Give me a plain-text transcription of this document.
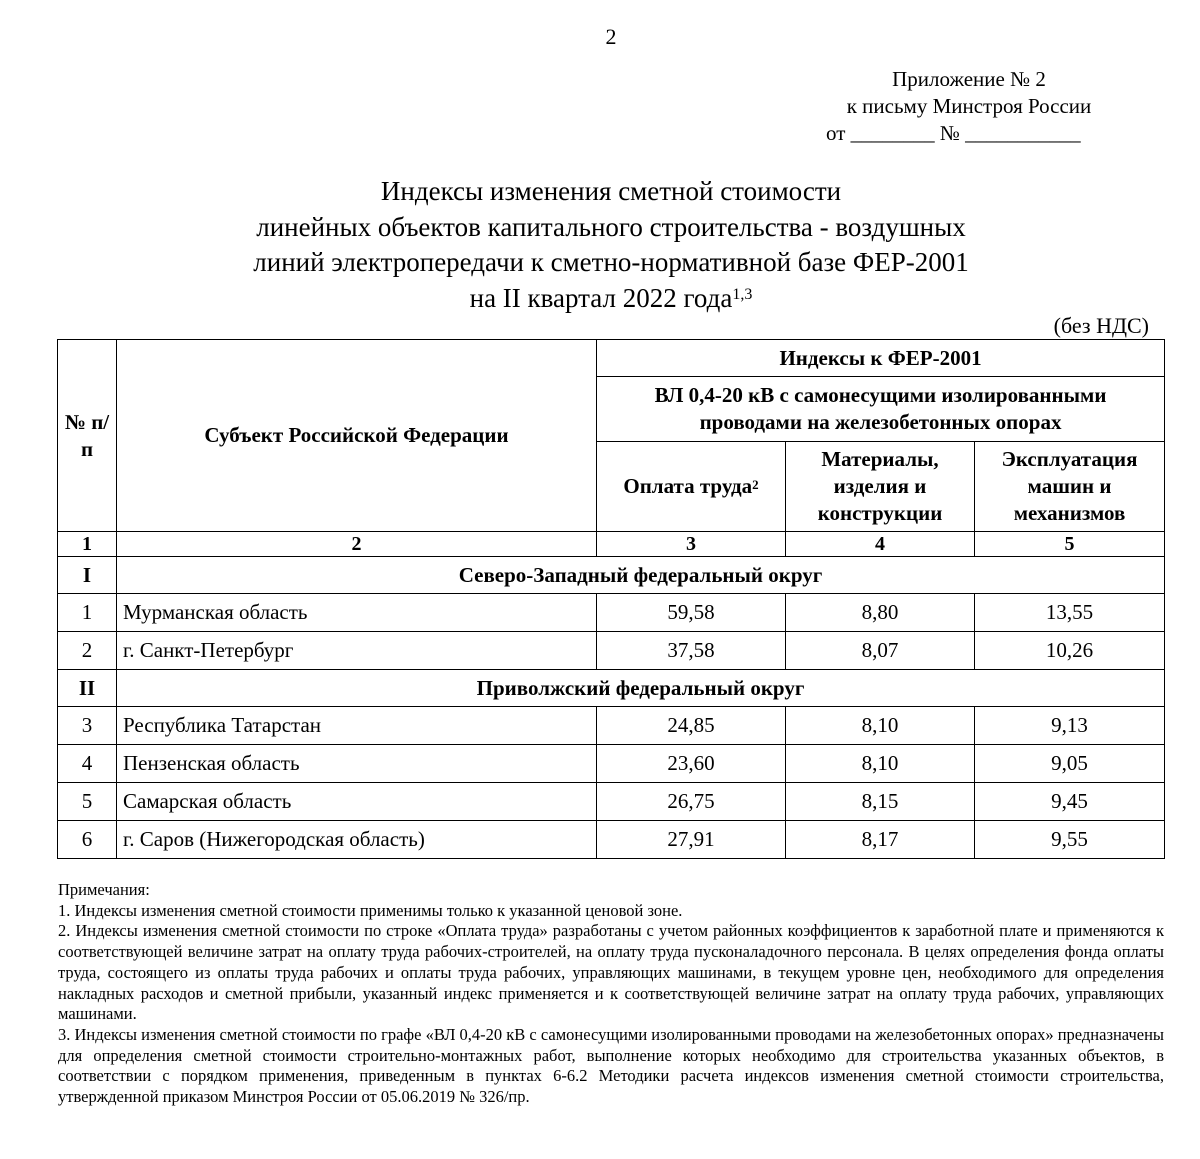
2
Приложение № 2
к письму Минстроя России
от ________ № ___________
Индексы изменения сметной стоимости
линейных объектов капитального строительства - воздушных
линий электропередачи к сметно-нормативной базе ФЕР-2001
на II квартал 2022 года$^{1,3}$
(без НДС)
№ п/п	Субъект Российской Федерации	Индексы к ФЕР-2001		
		ВЛ 0,4-20 кВ с самонесущими изолированными проводами на железобетонных опорах		
		Оплата труда$^2$	Материалы, изделия и конструкции	Эксплуатация машин и механизмов
1	2	3	4	5
I	Северо-Западный федеральный округ			
1	Мурманская область	59,58	8,80	13,55
2	г. Санкт-Петербург	37,58	8,07	10,26
II	Приволжский федеральный округ			
3	Республика Татарстан	24,85	8,10	9,13
4	Пензенская область	23,60	8,10	9,05
5	Самарская область	26,75	8,15	9,45
6	г. Саров (Нижегородская область)	27,91	8,17	9,55

Примечания:

1. Индексы изменения сметной стоимости применимы только к указанной ценовой зоне.

2. Индексы изменения сметной стоимости по строке «Оплата труда» разработаны с учетом районных коэффициентов к заработной плате и применяются к соответствующей величине затрат на оплату труда рабочих-строителей, на оплату труда пусконаладочного персонала. В целях определения фонда оплаты труда, состоящего из оплаты труда рабочих и оплаты труда рабочих, управляющих машинами, в текущем уровне цен, необходимого для определения накладных расходов и сметной прибыли, указанный индекс применяется и к соответствующей величине затрат на оплату труда рабочих, управляющих машинами.

3. Индексы изменения сметной стоимости по графе «ВЛ 0,4-20 кВ с самонесущими изолированными проводами на железобетонных опорах» предназначены для определения сметной стоимости строительно-монтажных работ, выполнение которых необходимо для строительства указанных объектов, в соответствии с порядком применения, приведенным в пунктах 6-6.2 Методики расчета индексов изменения сметной стоимости строительства, утвержденной приказом Минстроя России от 05.06.2019 № 326/пр.
